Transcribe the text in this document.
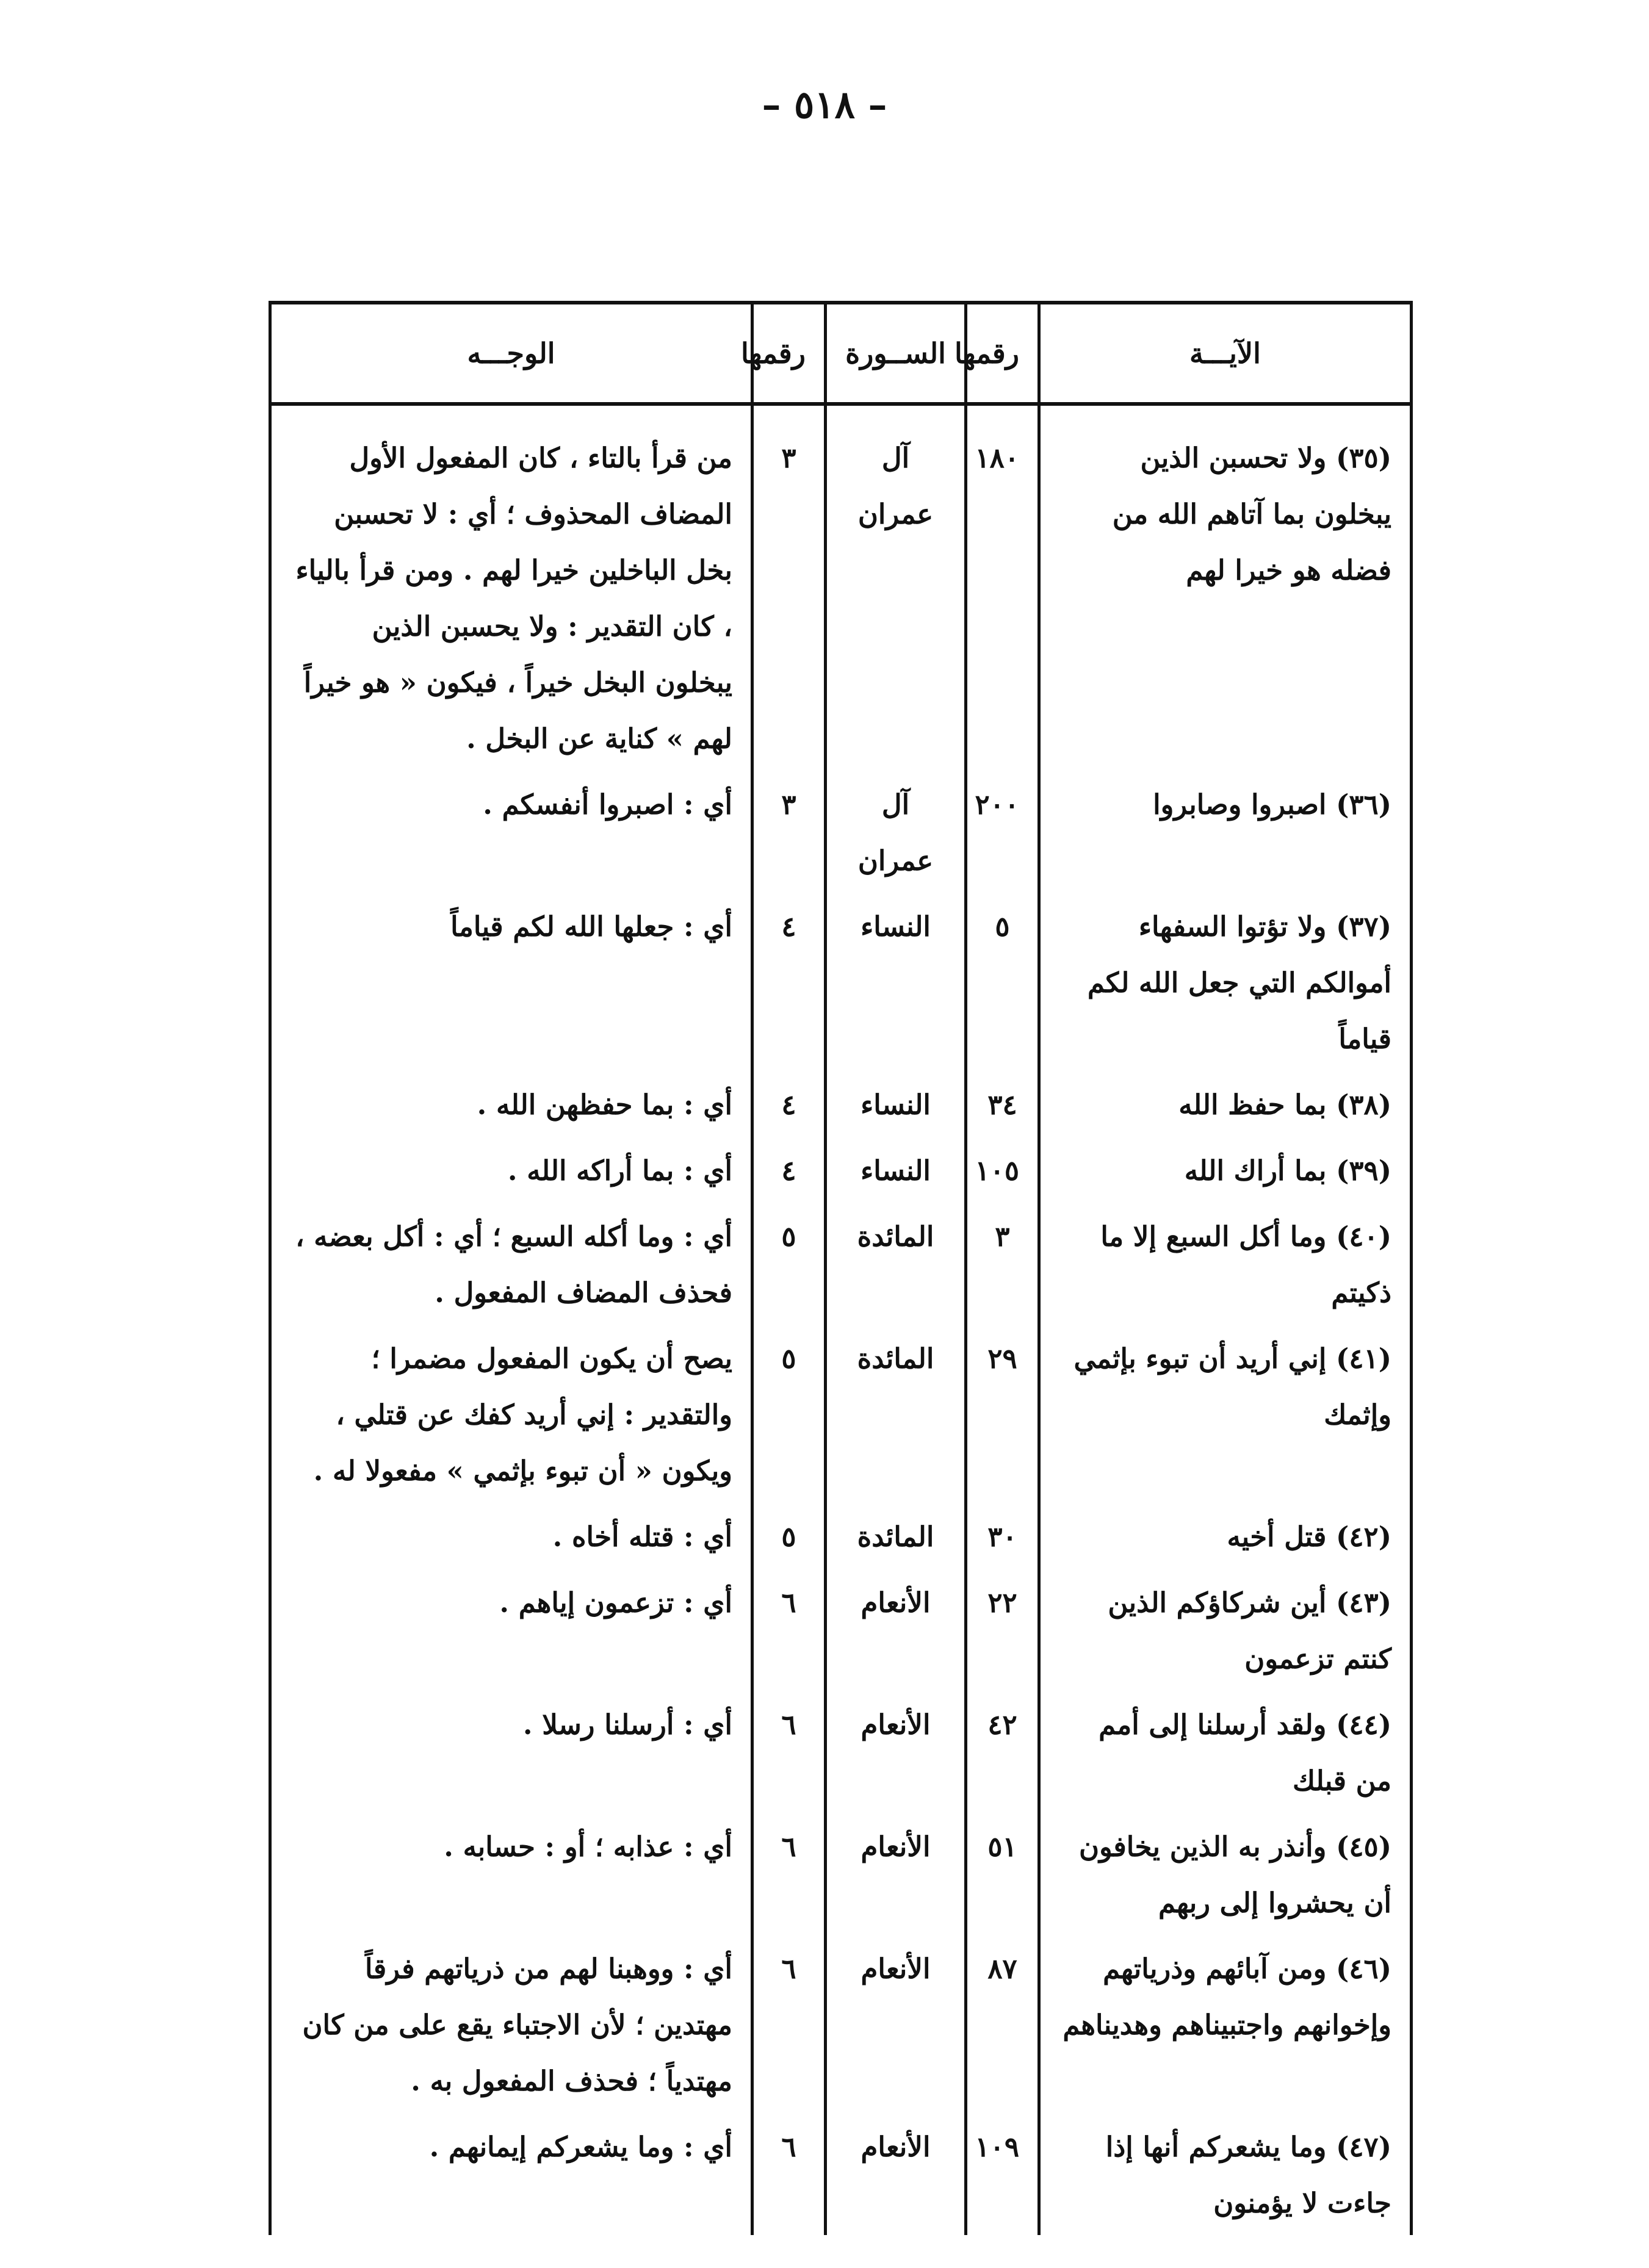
– ٥١٨ –
الآيـــة	رقمها	الســورة	رقمها	الوجـــه
(٣٥) ولا تحسبن الذين يبخلون بما آتاهم الله من فضله هو خيرا لهم	١٨٠	آل عمران	٣	من قرأ بالتاء ، كان المفعول الأول المضاف المحذوف ؛ أي : لا تحسبن بخل الباخلين خيرا لهم . ومن قرأ بالياء ، كان التقدير : ولا يحسبن الذين يبخلون البخل خيراً ، فيكون « هو خيراً لهم » كناية عن البخل .
(٣٦) اصبروا وصابروا	٢٠٠	آل عمران	٣	أي : اصبروا أنفسكم .
(٣٧) ولا تؤتوا السفهاء أموالكم التي جعل الله لكم قياماً	٥	النساء	٤	أي : جعلها الله لكم قياماً
(٣٨) بما حفظ الله	٣٤	النساء	٤	أي : بما حفظهن الله .
(٣٩) بما أراك الله	١٠٥	النساء	٤	أي : بما أراكه الله .
(٤٠) وما أكل السبع إلا ما ذكيتم	٣	المائدة	٥	أي : وما أكله السبع ؛ أي : أكل بعضه ، فحذف المضاف المفعول .
(٤١) إني أريد أن تبوء بإثمي وإثمك	٢٩	المائدة	٥	يصح أن يكون المفعول مضمرا ؛ والتقدير : إني أريد كفك عن قتلي ، ويكون « أن تبوء بإثمي » مفعولا له .
(٤٢) قتل أخيه	٣٠	المائدة	٥	أي : قتله أخاه .
(٤٣) أين شركاؤكم الذين كنتم تزعمون	٢٢	الأنعام	٦	أي : تزعمون إياهم .
(٤٤) ولقد أرسلنا إلى أمم من قبلك	٤٢	الأنعام	٦	أي : أرسلنا رسلا .
(٤٥) وأنذر به الذين يخافون أن يحشروا إلى ربهم	٥١	الأنعام	٦	أي : عذابه ؛ أو : حسابه .
(٤٦) ومن آبائهم وذرياتهم وإخوانهم واجتبيناهم وهديناهم	٨٧	الأنعام	٦	أي : ووهبنا لهم من ذرياتهم فرقاً مهتدين ؛ لأن الاجتباء يقع على من كان مهتدياً ؛ فحذف المفعول به .
(٤٧) وما يشعركم أنها إذا جاءت لا يؤمنون	١٠٩	الأنعام	٦	أي : وما يشعركم إيمانهم .
